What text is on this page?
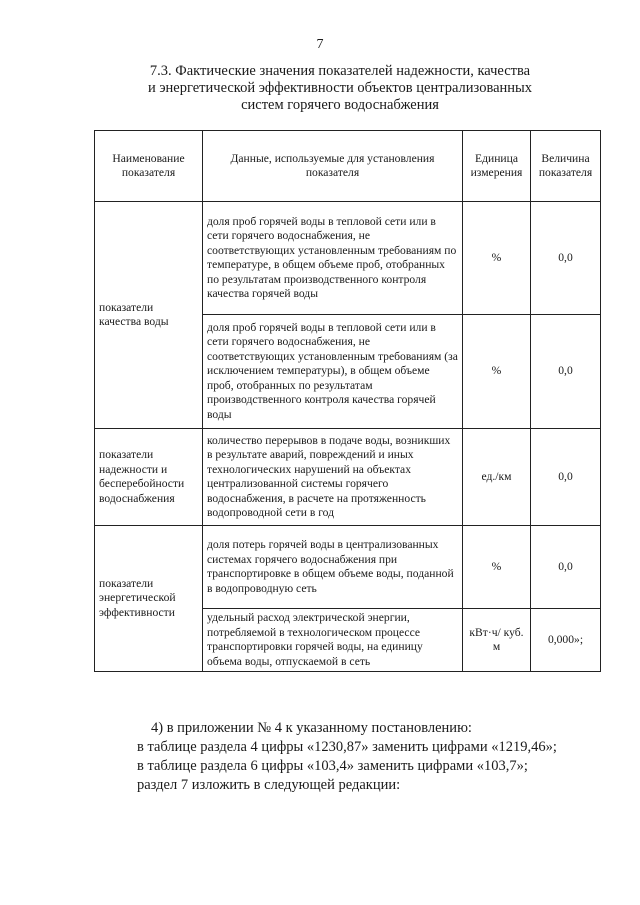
7
7.3. Фактические значения показателей надежности, качества
и энергетической эффективности объектов централизованных
систем горячего водоснабжения
Наименование показателя	Данные, используемые для установления показателя	Единица измерения	Величина показателя
показатели качества воды	доля проб горячей воды в тепловой сети или в сети горячего водоснабжения, не соответствующих установленным требованиям по температуре, в общем объеме проб, отобранных по результатам производственного контроля качества горячей воды	%	0,0
	доля проб горячей воды в тепловой сети или в сети горячего водоснабжения, не соответствующих установленным требованиям (за исключением температуры), в общем объеме проб, отобранных по результатам производственного контроля качества горячей воды	%	0,0
показатели надежности и бесперебойности водоснабжения	количество перерывов в подаче воды, возникших в результате аварий, повреждений и иных технологических нарушений на объектах централизованной системы горячего водоснабжения, в расчете на протяженность водопроводной сети в год	ед./км	0,0
показатели энергетической эффективности	доля потерь горячей воды в централизованных системах горячего водоснабжения при транспортировке в общем объеме воды, поданной в водопроводную сеть	%	0,0
	удельный расход электрической энергии, потребляемой в технологическом процессе транспортировки горячей воды, на единицу объема воды, отпускаемой в сеть	кВт·ч/ куб. м	0,000»;
4) в приложении № 4 к указанному постановлению:
в таблице раздела 4 цифры «1230,87» заменить цифрами «1219,46»;
в таблице раздела 6 цифры «103,4» заменить цифрами «103,7»;
раздел 7 изложить в следующей редакции:
